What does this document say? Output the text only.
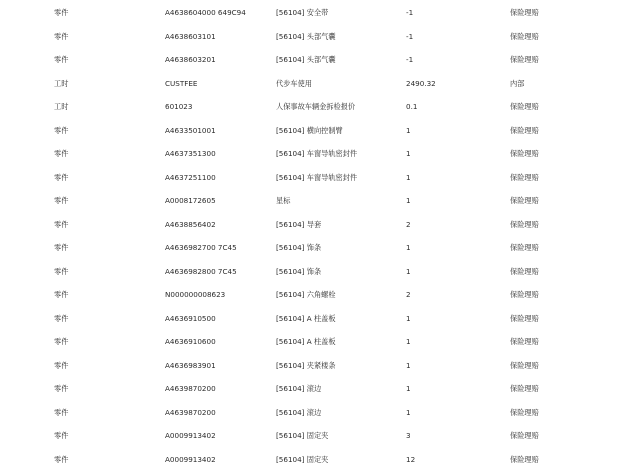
零件	A4638604000 649C94	[56104] 安全带	-1	保险理赔
零件	A4638603101	[56104] 头部气囊	-1	保险理赔
零件	A4638603201	[56104] 头部气囊	-1	保险理赔
工时	CUSTFEE	代步车使用	2490.32	内部
工时	601023	人保事故车辆金拆检报价	0.1	保险理赔
零件	A4633501001	[56104] 横向控制臂	1	保险理赔
零件	A4637351300	[56104] 车窗导轨密封件	1	保险理赔
零件	A4637251100	[56104] 车窗导轨密封件	1	保险理赔
零件	A0008172605	星标	1	保险理赔
零件	A4638856402	[56104] 导套	2	保险理赔
零件	A4636982700 7C45	[56104] 饰条	1	保险理赔
零件	A4636982800 7C45	[56104] 饰条	1	保险理赔
零件	N000000008623	[56104] 六角螺栓	2	保险理赔
零件	A4636910500	[56104] A 柱盖板	1	保险理赔
零件	A4636910600	[56104] A 柱盖板	1	保险理赔
零件	A4636983901	[56104] 夹紧楼条	1	保险理赔
零件	A4639870200	[56104] 滚边	1	保险理赔
零件	A4639870200	[56104] 滚边	1	保险理赔
零件	A0009913402	[56104] 固定夹	3	保险理赔
零件	A0009913402	[56104] 固定夹	12	保险理赔
